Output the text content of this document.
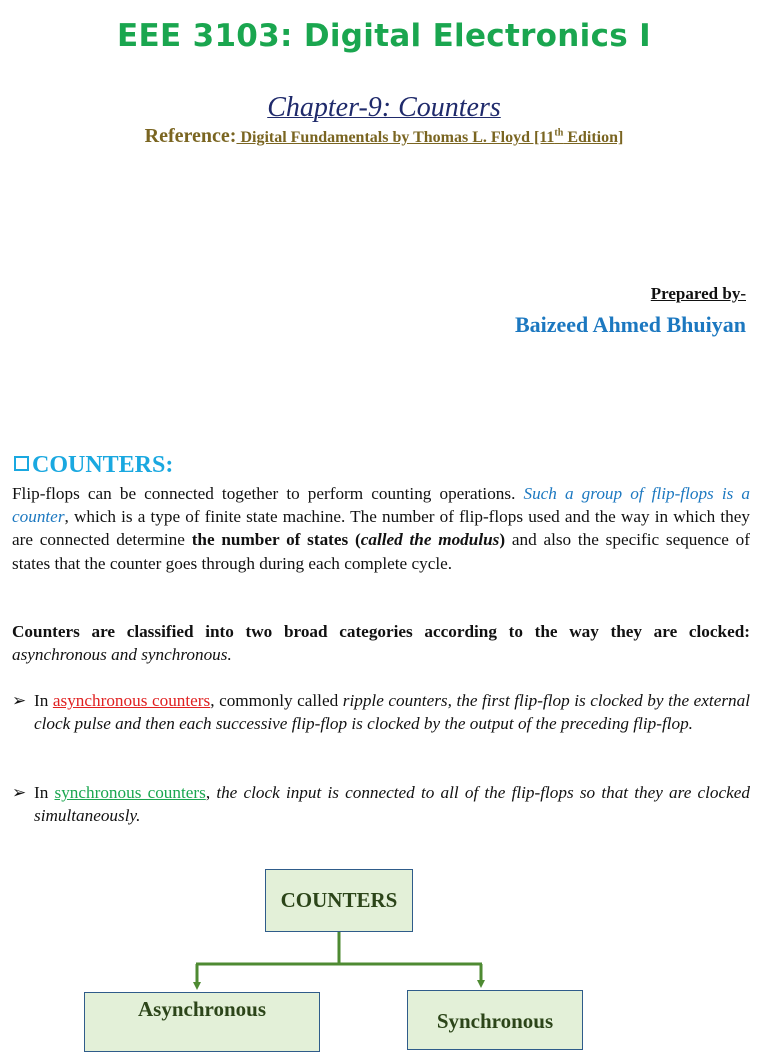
EEE 3103: Digital Electronics I
Chapter-9: Counters
Reference: Digital Fundamentals by Thomas L. Floyd [11th Edition]
Prepared by-
Baizeed Ahmed Bhuiyan
COUNTERS:
Flip-flops can be connected together to perform counting operations. Such a group of flip-flops is a counter, which is a type of finite state machine. The number of flip-flops used and the way in which they are connected determine the number of states (called the modulus) and also the specific sequence of states that the counter goes through during each complete cycle.
Counters are classified into two broad categories according to the way they are clocked: asynchronous and synchronous.
➢ In asynchronous counters, commonly called ripple counters, the first flip-flop is clocked by the external clock pulse and then each successive flip-flop is clocked by the output of the preceding flip-flop.
➢ In synchronous counters, the clock input is connected to all of the flip-flops so that they are clocked simultaneously.
COUNTERS
Asynchronous	Synchronous
